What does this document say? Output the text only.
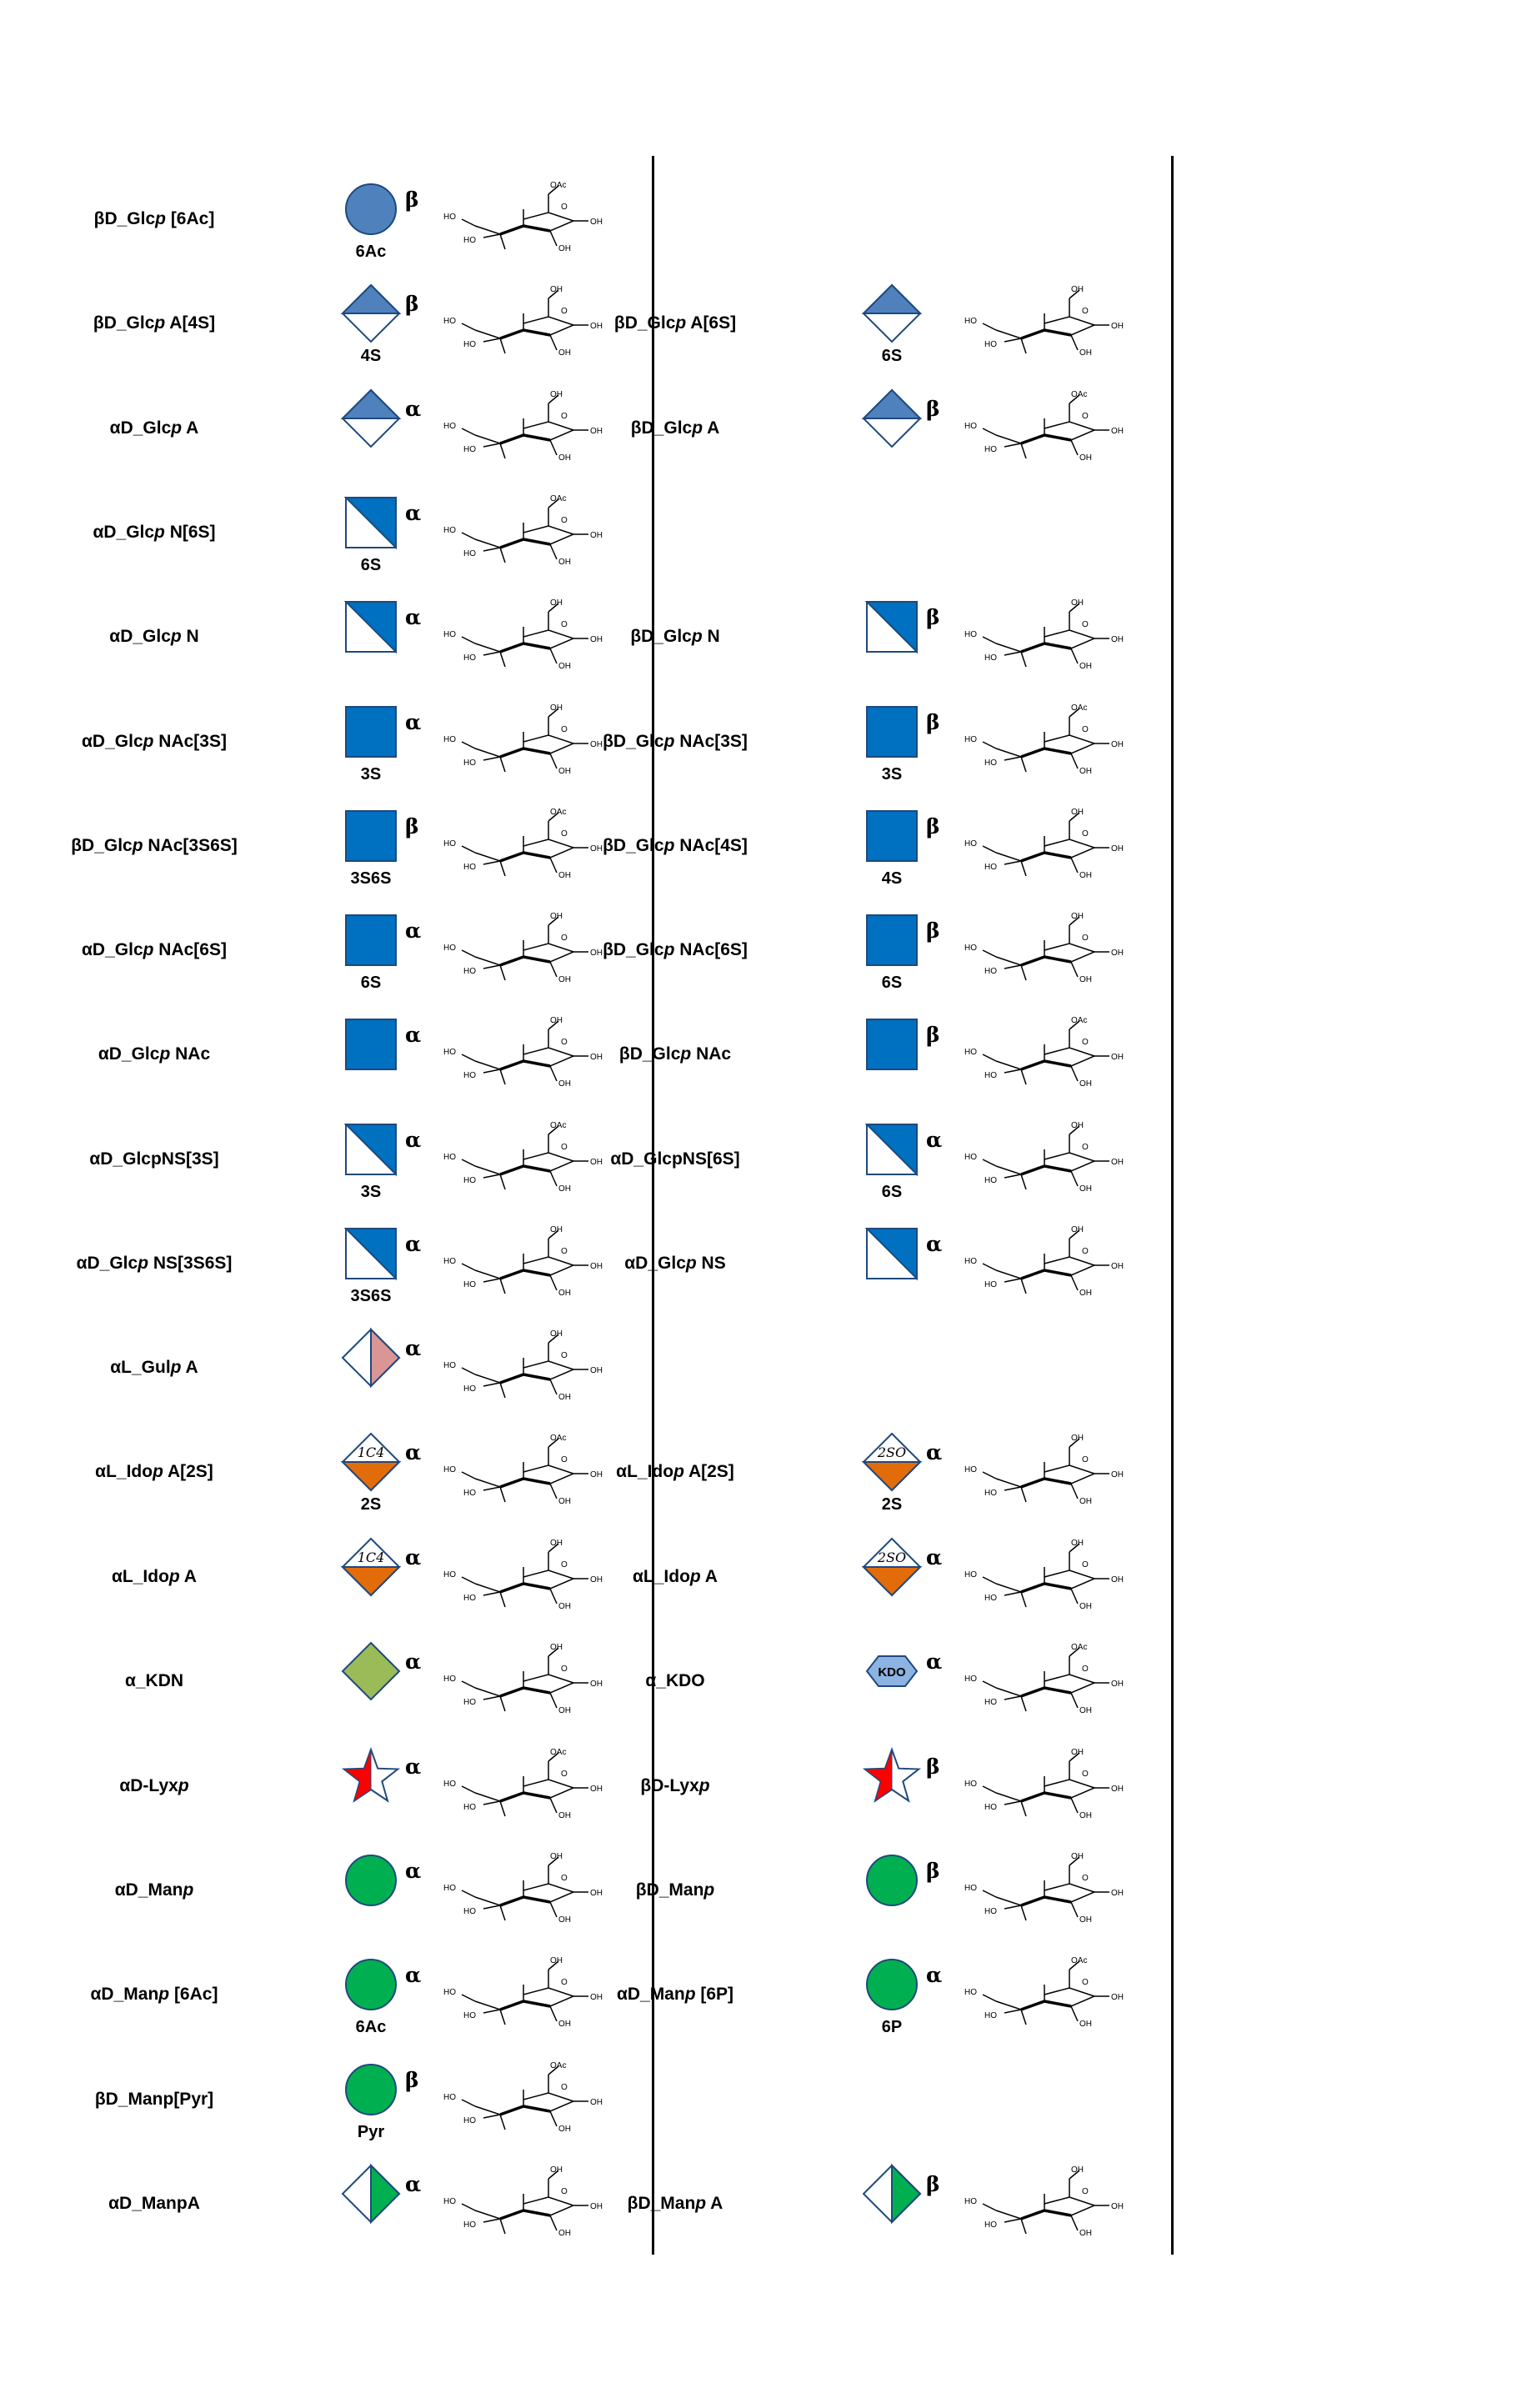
βD_Glcp [6Ac]
β
6Ac
HO
HO
O
OH
OH
OAc
βD_Glcp A[4S]
β
4S
HO
HO
O
OH
OH
OH
αD_Glcp A
α
HO
HO
O
OH
OH
OH
αD_Glcp N[6S]
α
6S
HO
HO
O
OH
OH
OAc
αD_Glcp N
α
HO
HO
O
OH
OH
OH
αD_Glcp NAc[3S]
α
3S
HO
HO
O
OH
OH
OH
βD_Glcp NAc[3S6S]
β
3S6S
HO
HO
O
OH
OH
OAc
αD_Glcp NAc[6S]
α
6S
HO
HO
O
OH
OH
OH
αD_Glcp NAc
α
HO
HO
O
OH
OH
OH
αD_GlcpNS[3S]
α
3S
HO
HO
O
OH
OH
OAc
αD_Glcp NS[3S6S]
α
3S6S
HO
HO
O
OH
OH
OH
αL_Gulp A
α
HO
HO
O
OH
OH
OH
αL_Idop A[2S]
1C4 α
2S
HO
HO
O
OH
OH
OAc
αL_Idop A
1C4 α
HO
HO
O
OH
OH
OH
α_KDN
α
HO
HO
O
OH
OH
OH
αD-Lyxp
α
HO
HO
O
OH
OH
OAc
αD_Manp
α
HO
HO
O
OH
OH
OH
αD_Manp [6Ac]
α
6Ac
HO
HO
O
OH
OH
OH
βD_Manp[Pyr]
β
Pyr
HO
HO
O
OH
OH
OAc
αD_ManpA
α
HO
HO
O
OH
OH
OH
βD_Glcp A[6S]
6S
HO
HO
O
OH
OH
OH
βD_Glcp A
β
HO
HO
O
OH
OH
OAc
βD_Glcp N
β
HO
HO
O
OH
OH
OH
βD_Glcp NAc[3S]
β
3S
HO
HO
O
OH
OH
OAc
βD_Glcp NAc[4S]
β
4S
HO
HO
O
OH
OH
OH
βD_Glcp NAc[6S]
β
6S
HO
HO
O
OH
OH
OH
βD_Glcp NAc
β
HO
HO
O
OH
OH
OAc
αD_GlcpNS[6S]
α
6S
HO
HO
O
OH
OH
OH
αD_Glcp NS
α
HO
HO
O
OH
OH
OH
αL_Idop A[2S]
2SO α
2S
HO
HO
O
OH
OH
OH
αL_Idop A
2SO α
HO
HO
O
OH
OH
OH
α_KDO	KDO α
HO
HO
O
OH
OH
OAc
βD-Lyxp
β
HO
HO
O
OH
OH
OH
βD_Manp
β
HO
HO
O
OH
OH
OH
αD_Manp [6P]
α
6P
HO
HO
O
OH
OH
OAc
βD_Manp A
β
HO
HO
O
OH
OH
OH
